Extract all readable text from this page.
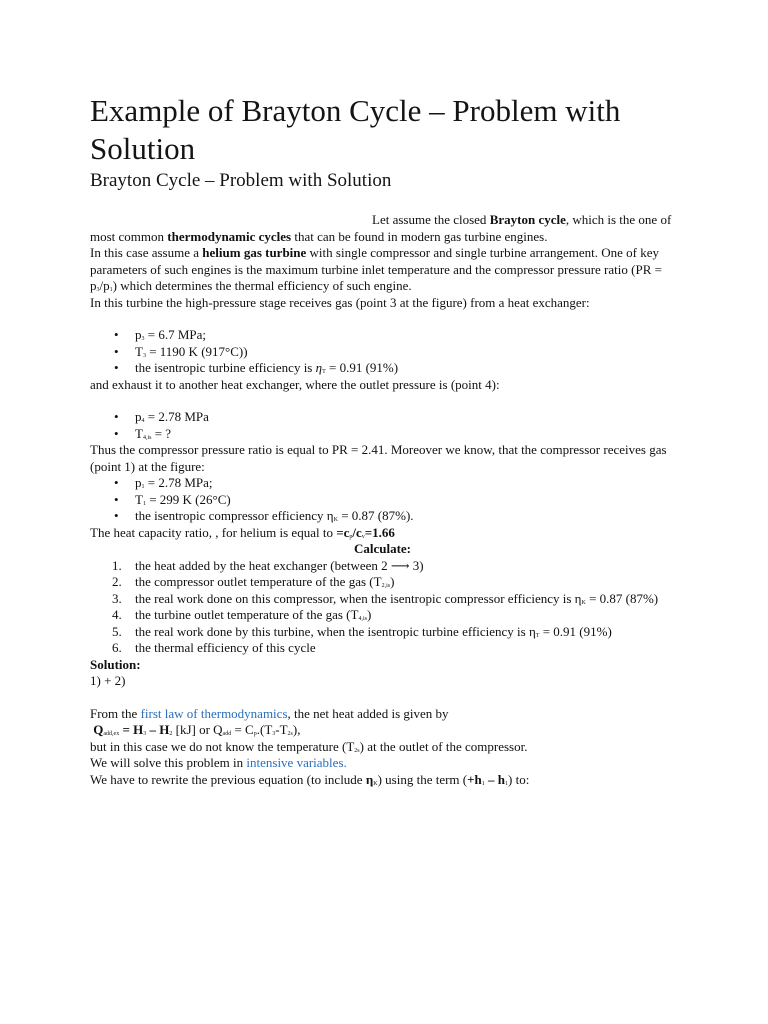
Example of Brayton Cycle – Problem with Solution
Brayton Cycle – Problem with Solution

Let assume the closed Brayton cycle, which is the one of most common thermodynamic cycles that can be found in modern gas turbine engines.

In this case assume a helium gas turbine with single compressor and single turbine arrangement. One of key parameters of such engines is the maximum turbine inlet temperature and the compressor pressure ratio $(PR = p_3/p_1)$ which determines the thermal efficiency of such engine.

In this turbine the high-pressure stage receives gas (point 3 at the figure) from a heat exchanger:

• $p_3 = 6.7$ MPa;
• $T_3 = 1190$ K (917°C))
• the isentropic turbine efficiency is $\eta_T = 0.91$ (91%)

and exhaust it to another heat exchanger, where the outlet pressure is (point 4):

• $p_4 = 2.78$ MPa
• $T_{4,is}$ = ?

Thus the compressor pressure ratio is equal to PR = 2.41. Moreover we know, that the compressor receives gas (point 1) at the figure:

• $p_1 = 2.78$ MPa;
• $T_1 = 299$ K (26°C)
• the isentropic compressor efficiency $\eta_K = 0.87$ (87%).

The heat capacity ratio, , for helium is equal to $=c_p/c_v=1.66$

Calculate:

1. the heat added by the heat exchanger (between 2 ⟶ 3)
2. the compressor outlet temperature of the gas $(T_{2,is})$
3. the real work done on this compressor, when the isentropic compressor efficiency is $\eta_K = 0.87$ (87%)
4. the turbine outlet temperature of the gas $(T_{4,is})$
5. the real work done by this turbine, when the isentropic turbine efficiency is $\eta_T = 0.91$ (91%)
6. the thermal efficiency of this cycle

Solution:

1) + 2)

From the first law of thermodynamics, the net heat added is given by

$Q_{add,ex} = H_3 - H_2$ [kJ] or $Q_{add} = C_p.(T_3-T_{2s})$,

but in this case we do not know the temperature $(T_{2s})$ at the outlet of the compressor.

We will solve this problem in intensive variables.

We have to rewrite the previous equation (to include $\eta_K$) using the term $(+h_1 - h_1)$ to:
